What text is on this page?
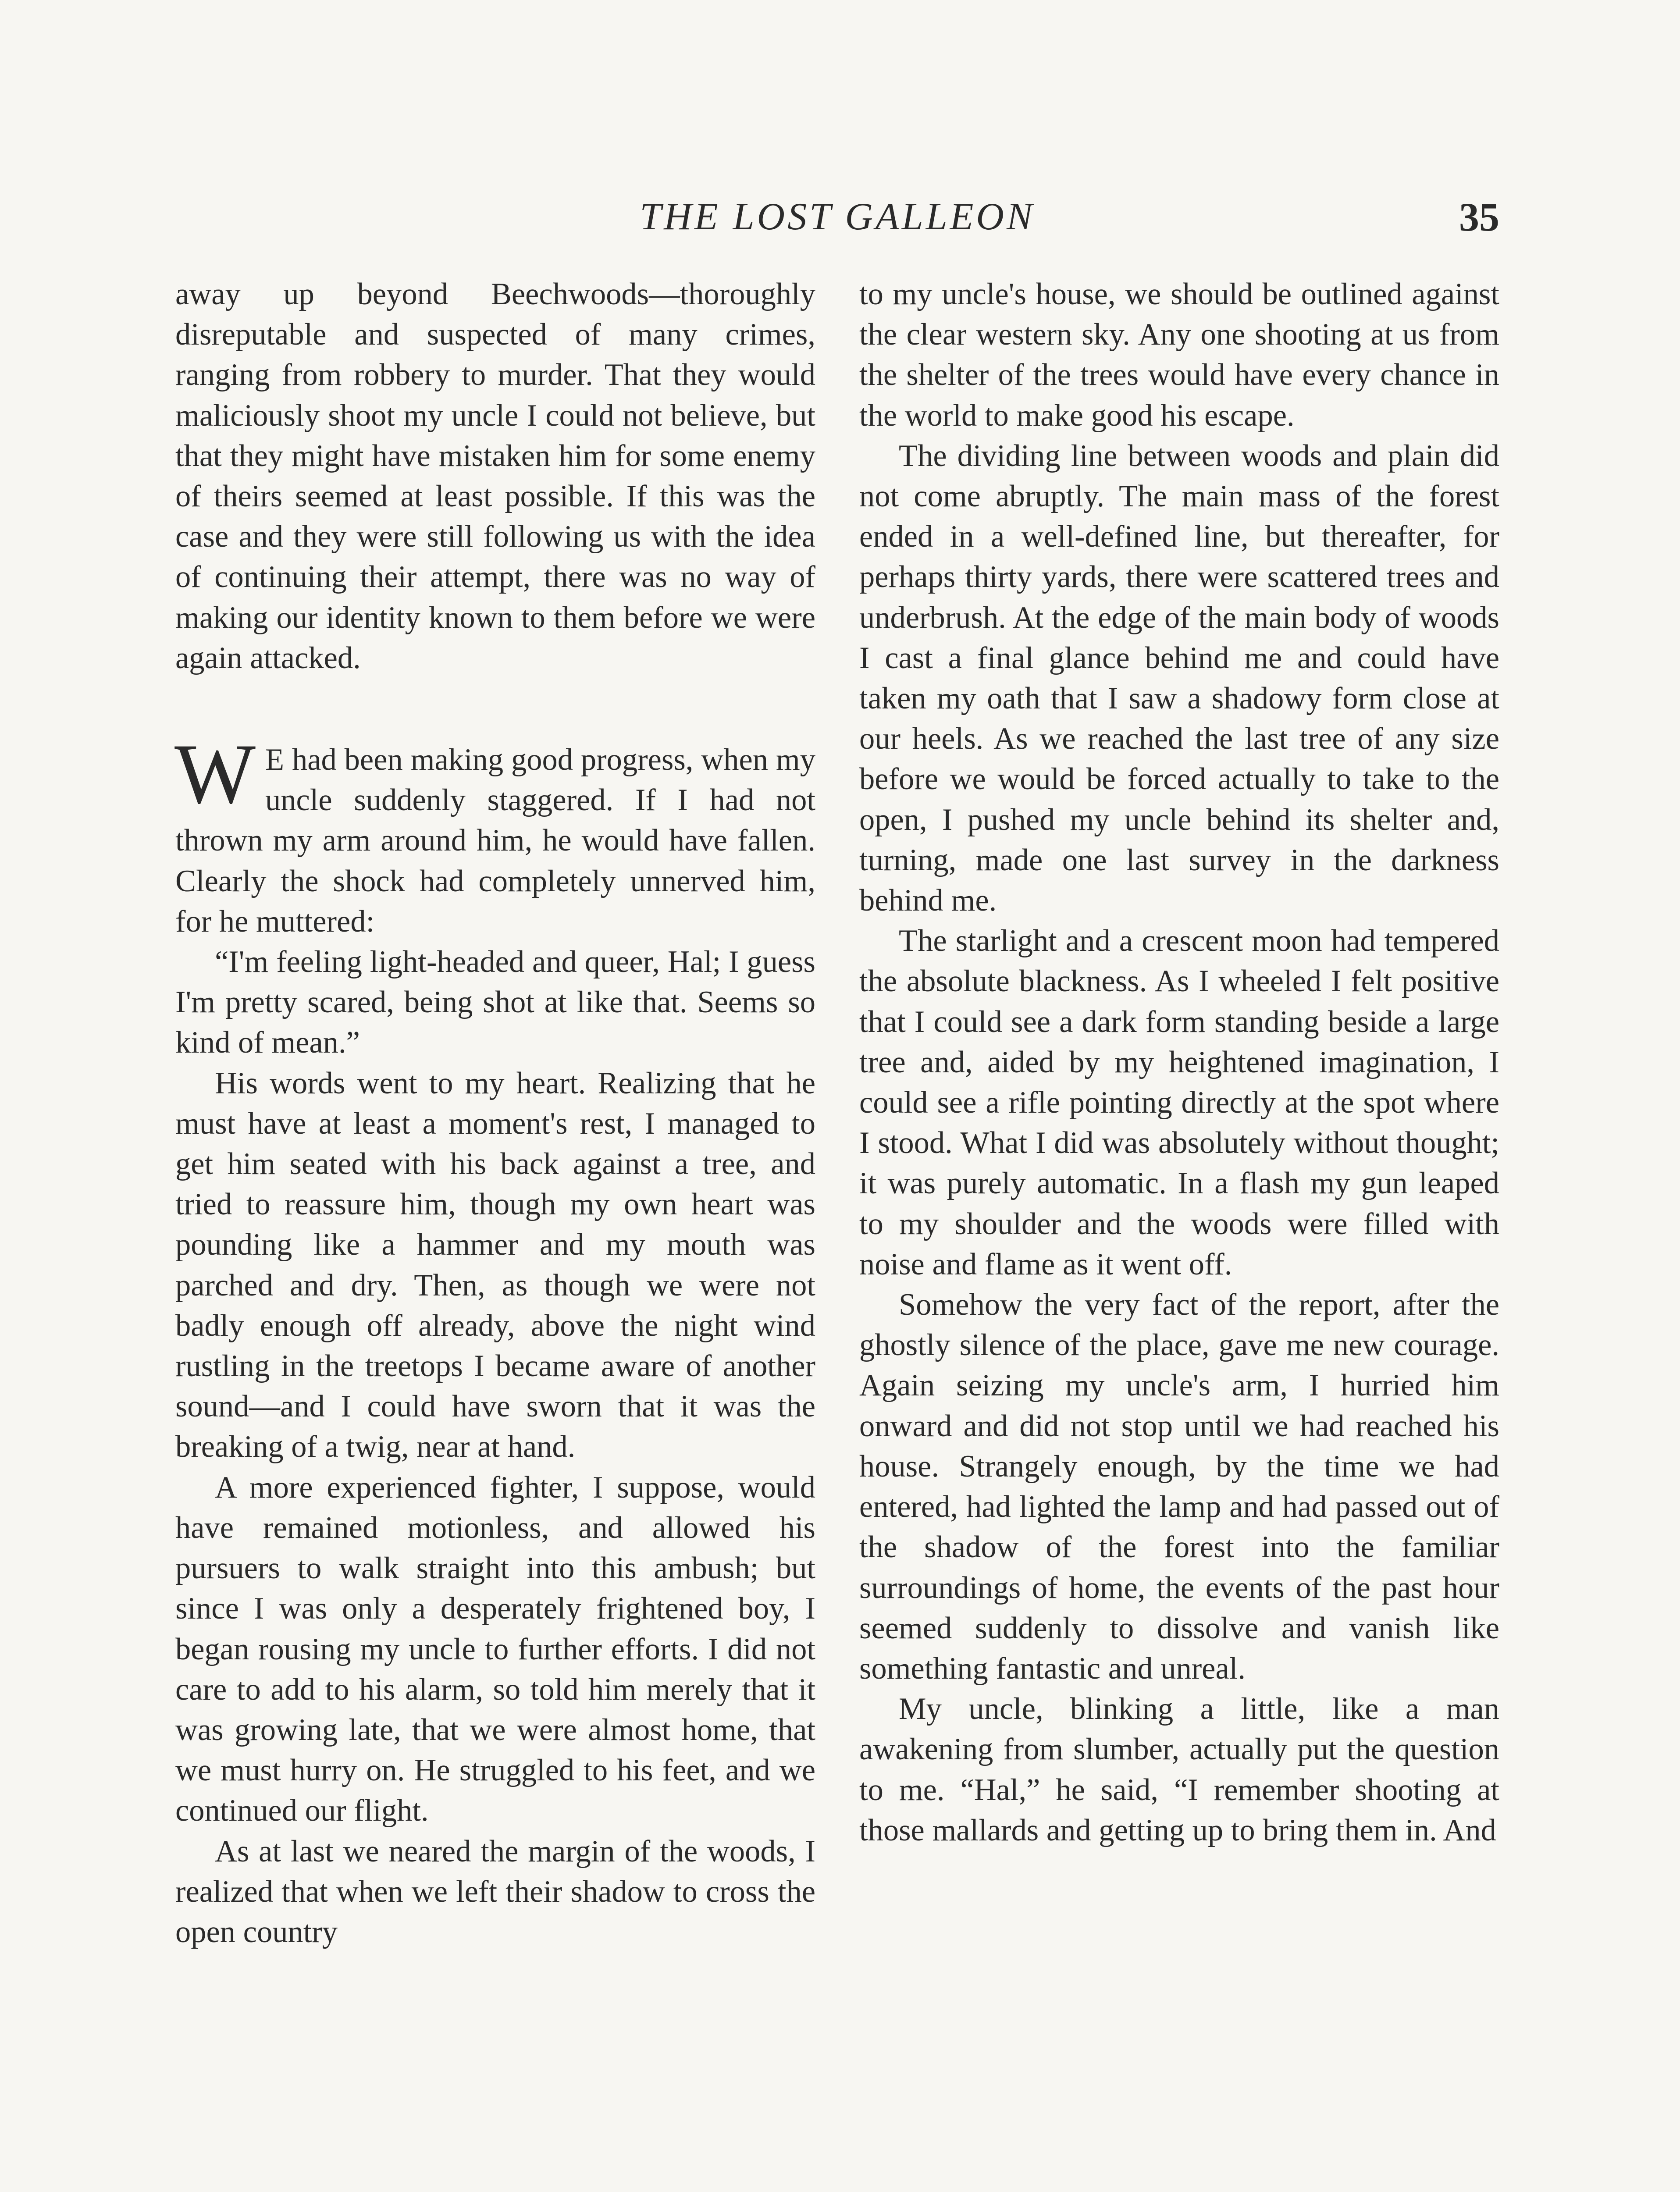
THE LOST GALLEON	35

away up beyond Beechwoods—thoroughly disreputable and suspected of many crimes, ranging from robbery to murder. That they would maliciously shoot my uncle I could not believe, but that they might have mistaken him for some enemy of theirs seemed at least possible. If this was the case and they were still following us with the idea of continuing their attempt, there was no way of making our identity known to them before we were again attacked.

W E had been making good progress, when my uncle suddenly staggered. If I had not thrown my arm around him, he would have fallen. Clearly the shock had completely unnerved him, for he muttered:

“I'm feeling light-headed and queer, Hal; I guess I'm pretty scared, being shot at like that. Seems so kind of mean.”

His words went to my heart. Realizing that he must have at least a moment's rest, I managed to get him seated with his back against a tree, and tried to reassure him, though my own heart was pounding like a hammer and my mouth was parched and dry. Then, as though we were not badly enough off already, above the night wind rustling in the treetops I became aware of another sound—and I could have sworn that it was the breaking of a twig, near at hand.

A more experienced fighter, I suppose, would have remained motionless, and allowed his pursuers to walk straight into this ambush; but since I was only a desperately frightened boy, I began rousing my uncle to further efforts. I did not care to add to his alarm, so told him merely that it was growing late, that we were almost home, that we must hurry on. He struggled to his feet, and we continued our flight.

As at last we neared the margin of the woods, I realized that when we left their shadow to cross the open country

to my uncle's house, we should be outlined against the clear western sky. Any one shooting at us from the shelter of the trees would have every chance in the world to make good his escape.

The dividing line between woods and plain did not come abruptly. The main mass of the forest ended in a well-defined line, but thereafter, for perhaps thirty yards, there were scattered trees and underbrush. At the edge of the main body of woods I cast a final glance behind me and could have taken my oath that I saw a shadowy form close at our heels. As we reached the last tree of any size before we would be forced actually to take to the open, I pushed my uncle behind its shelter and, turning, made one last survey in the darkness behind me.

The starlight and a crescent moon had tempered the absolute blackness. As I wheeled I felt positive that I could see a dark form standing beside a large tree and, aided by my heightened imagination, I could see a rifle pointing directly at the spot where I stood. What I did was absolutely without thought; it was purely automatic. In a flash my gun leaped to my shoulder and the woods were filled with noise and flame as it went off.

Somehow the very fact of the report, after the ghostly silence of the place, gave me new courage. Again seizing my uncle's arm, I hurried him onward and did not stop until we had reached his house. Strangely enough, by the time we had entered, had lighted the lamp and had passed out of the shadow of the forest into the familiar surroundings of home, the events of the past hour seemed suddenly to dissolve and vanish like something fantastic and unreal.

My uncle, blinking a little, like a man awakening from slumber, actually put the question to me. “Hal,” he said, “I remember shooting at those mallards and getting up to bring them in. And
